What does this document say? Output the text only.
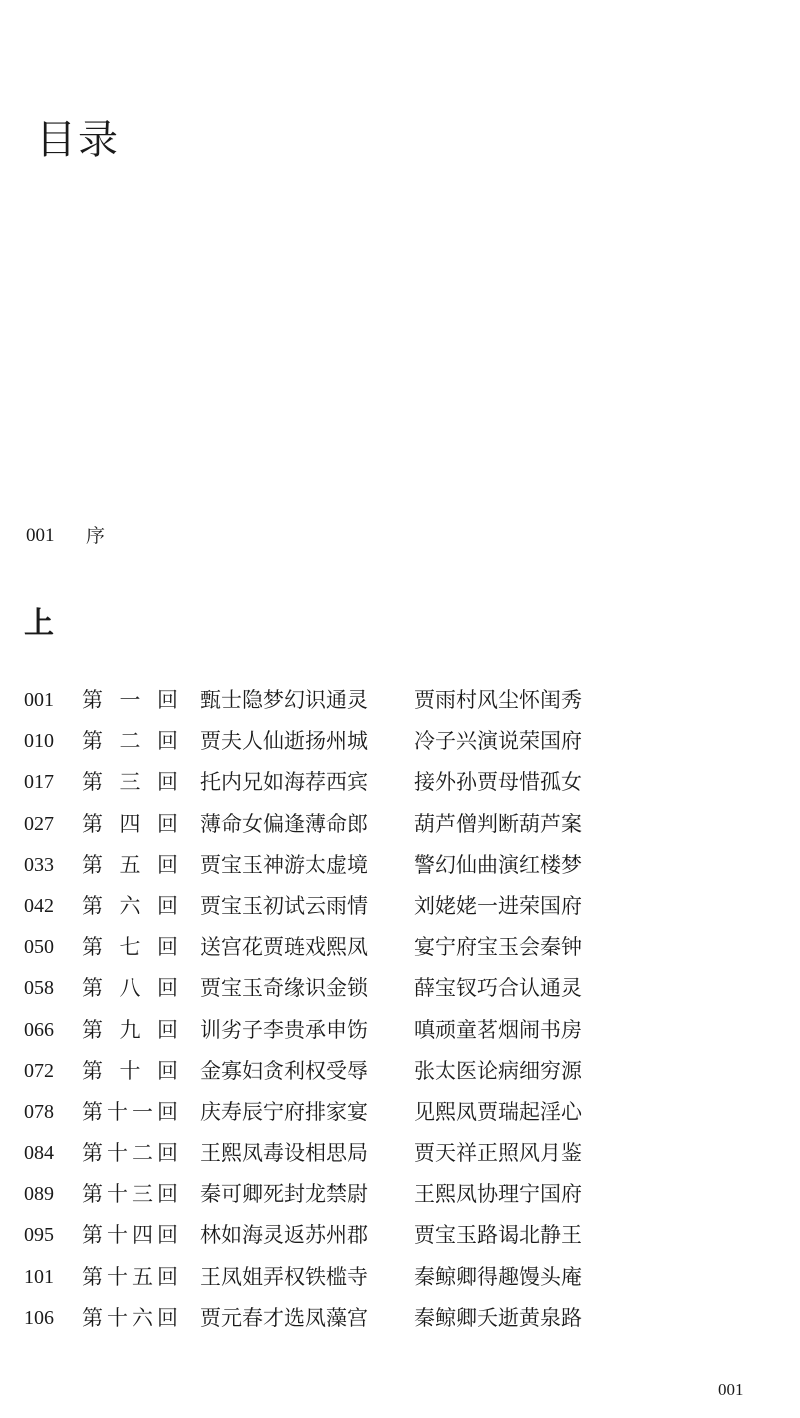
目录
001	序
上
001	第一回 甄士隐梦幻识通灵 贾雨村风尘怀闺秀
010	第二回 贾夫人仙逝扬州城 冷子兴演说荣国府
017	第三回 托内兄如海荐西宾 接外孙贾母惜孤女
027	第四回 薄命女偏逢薄命郎 葫芦僧判断葫芦案
033	第五回 贾宝玉神游太虚境 警幻仙曲演红楼梦
042	第六回 贾宝玉初试云雨情 刘姥姥一进荣国府
050	第七回 送宫花贾琏戏熙凤 宴宁府宝玉会秦钟
058	第八回 贾宝玉奇缘识金锁 薛宝钗巧合认通灵
066	第九回 训劣子李贵承申饬 嗔顽童茗烟闹书房
072	第十回 金寡妇贪利权受辱 张太医论病细穷源
078	第十一回 庆寿辰宁府排家宴 见熙凤贾瑞起淫心
084	第十二回 王熙凤毒设相思局 贾天祥正照风月鉴
089	第十三回 秦可卿死封龙禁尉 王熙凤协理宁国府
095	第十四回 林如海灵返苏州郡 贾宝玉路谒北静王
101	第十五回 王凤姐弄权铁槛寺 秦鲸卿得趣馒头庵
106	第十六回 贾元春才选凤藻宫 秦鲸卿夭逝黄泉路
001
